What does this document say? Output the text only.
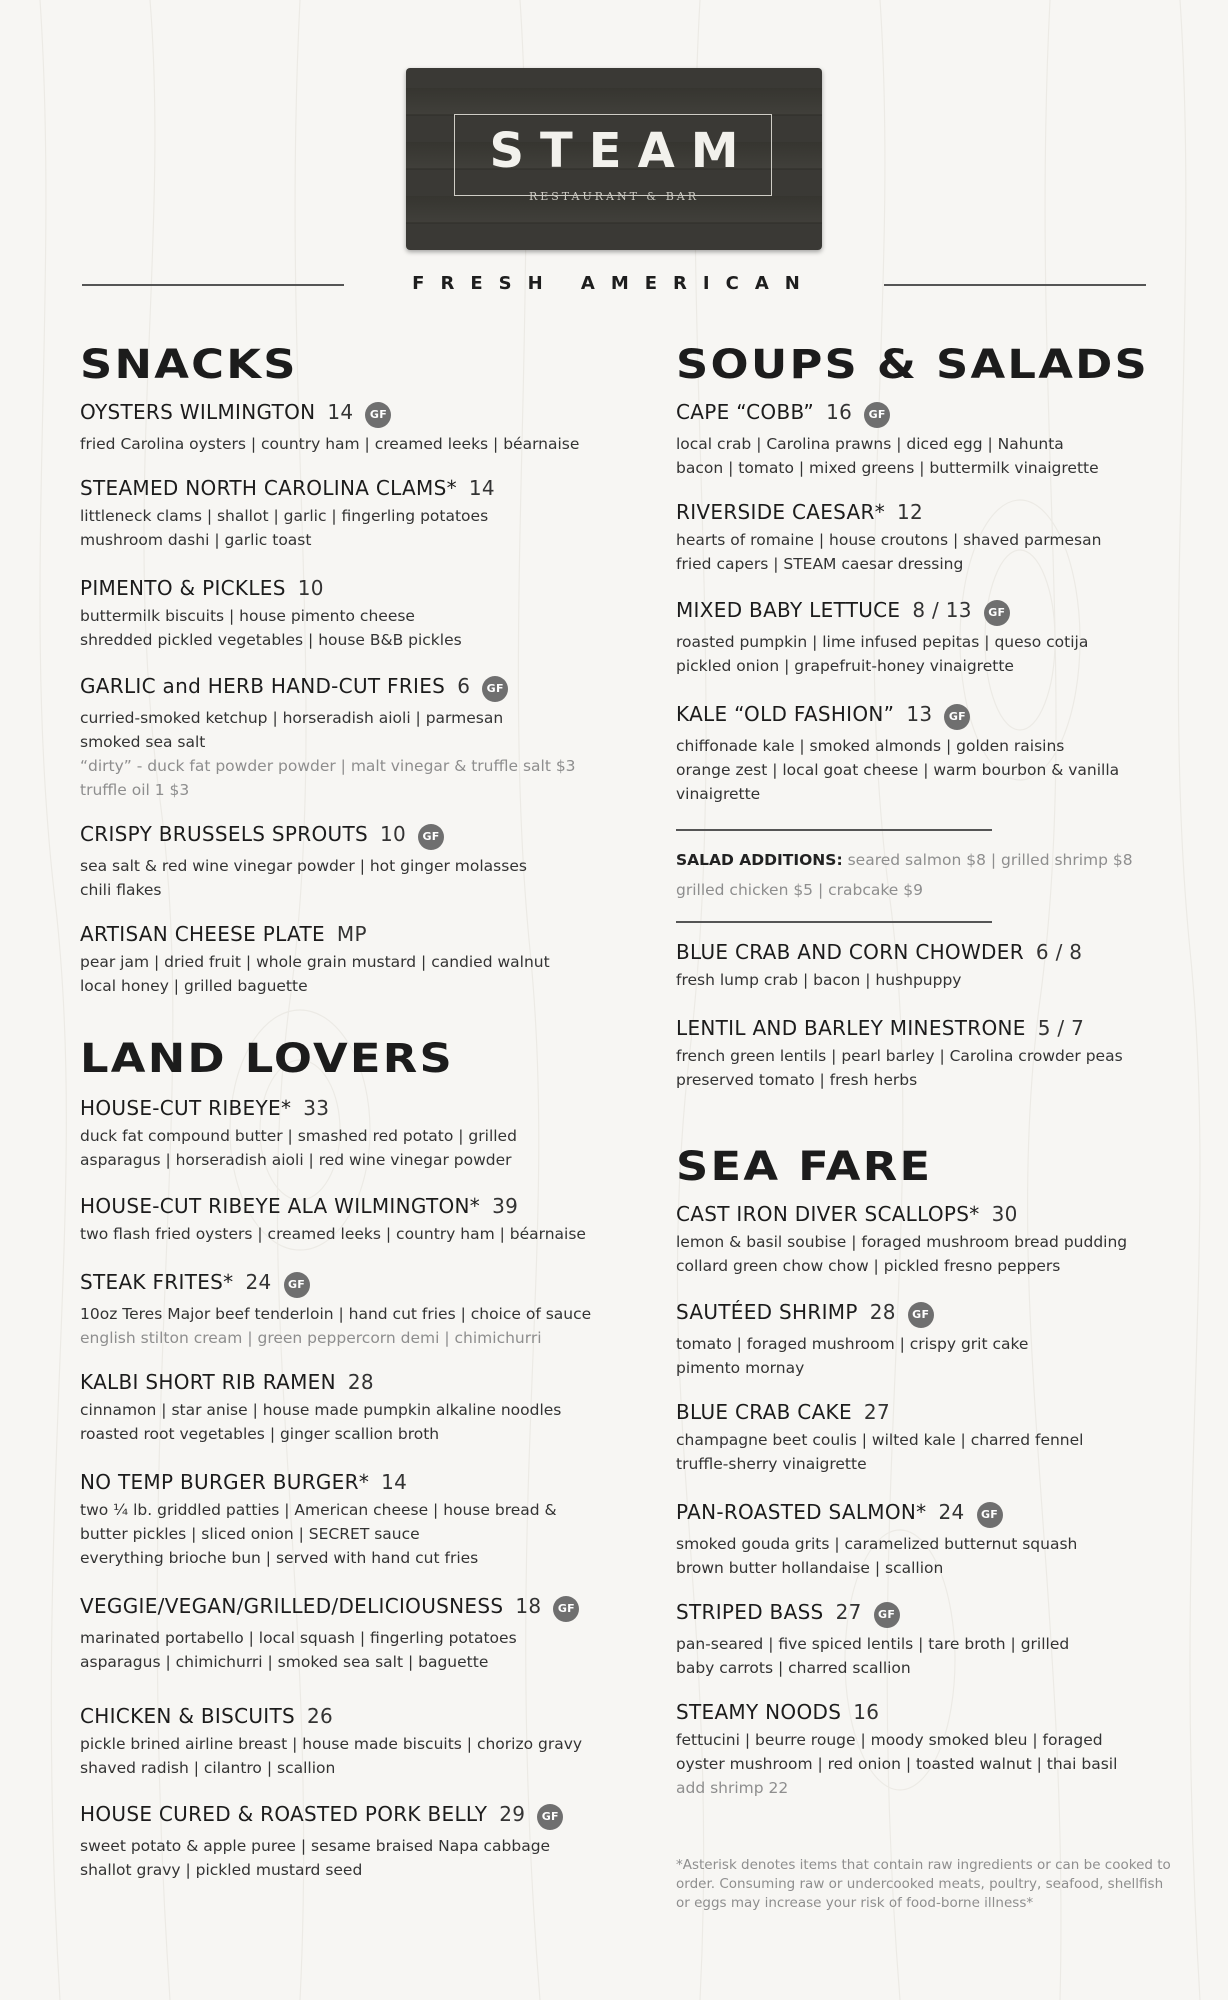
STEAM
RESTAURANT & BAR
FRESH AMERICAN
SNACKS
OYSTERS WILMINGTON 14 GF
fried Carolina oysters | country ham | creamed leeks | béarnaise
STEAMED NORTH CAROLINA CLAMS* 14
littleneck clams | shallot | garlic | fingerling potatoes
mushroom dashi | garlic toast
PIMENTO & PICKLES 10
buttermilk biscuits | house pimento cheese
shredded pickled vegetables | house B&B pickles
GARLIC and HERB HAND-CUT FRIES 6 GF
curried-smoked ketchup | horseradish aioli | parmesan
smoked sea salt
“dirty” - duck fat powder powder | malt vinegar & truffle salt $3
truffle oil 1 $3
CRISPY BRUSSELS SPROUTS 10 GF
sea salt & red wine vinegar powder | hot ginger molasses
chili flakes
ARTISAN CHEESE PLATE MP
pear jam | dried fruit | whole grain mustard | candied walnut
local honey | grilled baguette
LAND LOVERS
HOUSE-CUT RIBEYE* 33
duck fat compound butter | smashed red potato | grilled
asparagus | horseradish aioli | red wine vinegar powder
HOUSE-CUT RIBEYE ALA WILMINGTON* 39
two flash fried oysters | creamed leeks | country ham | béarnaise
STEAK FRITES* 24 GF
10oz Teres Major beef tenderloin | hand cut fries | choice of sauce
english stilton cream | green peppercorn demi | chimichurri
KALBI SHORT RIB RAMEN 28
cinnamon | star anise | house made pumpkin alkaline noodles
roasted root vegetables | ginger scallion broth
NO TEMP BURGER BURGER* 14
two ¼ lb. griddled patties | American cheese | house bread &
butter pickles | sliced onion | SECRET sauce
everything brioche bun | served with hand cut fries
VEGGIE/VEGAN/GRILLED/DELICIOUSNESS 18 GF
marinated portabello | local squash | fingerling potatoes
asparagus | chimichurri | smoked sea salt | baguette
CHICKEN & BISCUITS 26
pickle brined airline breast | house made biscuits | chorizo gravy
shaved radish | cilantro | scallion
HOUSE CURED & ROASTED PORK BELLY 29 GF
sweet potato & apple puree | sesame braised Napa cabbage
shallot gravy | pickled mustard seed
SOUPS & SALADS
CAPE “COBB” 16 GF
local crab | Carolina prawns | diced egg | Nahunta
bacon | tomato | mixed greens | buttermilk vinaigrette
RIVERSIDE CAESAR* 12
hearts of romaine | house croutons | shaved parmesan
fried capers | STEAM caesar dressing
MIXED BABY LETTUCE 8 / 13 GF
roasted pumpkin | lime infused pepitas | queso cotija
pickled onion | grapefruit-honey vinaigrette
KALE “OLD FASHION” 13 GF
chiffonade kale | smoked almonds | golden raisins
orange zest | local goat cheese | warm bourbon & vanilla
vinaigrette
SALAD ADDITIONS: seared salmon $8 | grilled shrimp $8
grilled chicken $5 | crabcake $9
BLUE CRAB AND CORN CHOWDER 6 / 8
fresh lump crab | bacon | hushpuppy
LENTIL AND BARLEY MINESTRONE 5 / 7
french green lentils | pearl barley | Carolina crowder peas
preserved tomato | fresh herbs
SEA FARE
CAST IRON DIVER SCALLOPS* 30
lemon & basil soubise | foraged mushroom bread pudding
collard green chow chow | pickled fresno peppers
SAUTÉED SHRIMP 28 GF
tomato | foraged mushroom | crispy grit cake
pimento mornay
BLUE CRAB CAKE 27
champagne beet coulis | wilted kale | charred fennel
truffle-sherry vinaigrette
PAN-ROASTED SALMON* 24 GF
smoked gouda grits | caramelized butternut squash
brown butter hollandaise | scallion
STRIPED BASS 27 GF
pan-seared | five spiced lentils | tare broth | grilled
baby carrots | charred scallion
STEAMY NOODS 16
fettucini | beurre rouge | moody smoked bleu | foraged
oyster mushroom | red onion | toasted walnut | thai basil
add shrimp 22
*Asterisk denotes items that contain raw ingredients or can be cooked to order. Consuming raw or undercooked meats, poultry, seafood, shellfish or eggs may increase your risk of food-borne illness*
